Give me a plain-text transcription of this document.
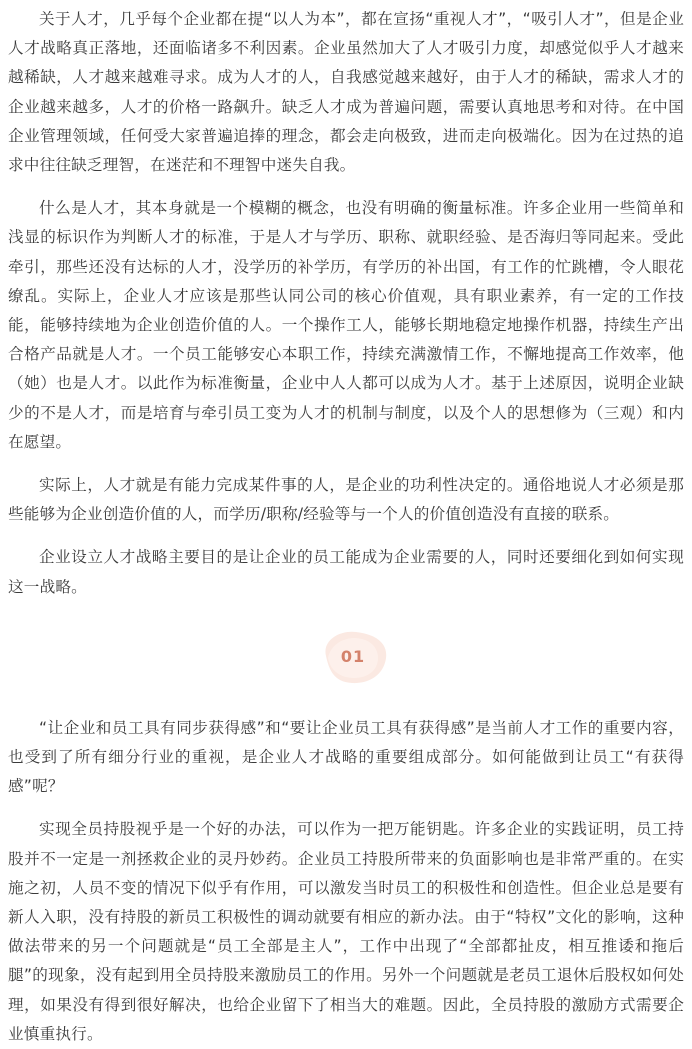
关于人才，几乎每个企业都在提“以人为本”，都在宣扬“重视人才”，“吸引人才”，但是企业人才战略真正落地，还面临诸多不利因素。企业虽然加大了人才吸引力度，却感觉似乎人才越来越稀缺，人才越来越难寻求。成为人才的人，自我感觉越来越好，由于人才的稀缺，需求人才的企业越来越多，人才的价格一路飙升。缺乏人才成为普遍问题，需要认真地思考和对待。在中国企业管理领域，任何受大家普遍追捧的理念，都会走向极致，进而走向极端化。因为在过热的追求中往往缺乏理智，在迷茫和不理智中迷失自我。

什么是人才，其本身就是一个模糊的概念，也没有明确的衡量标准。许多企业用一些简单和浅显的标识作为判断人才的标准，于是人才与学历、职称、就职经验、是否海归等同起来。受此牵引，那些还没有达标的人才，没学历的补学历，有学历的补出国，有工作的忙跳槽，令人眼花缭乱。实际上，企业人才应该是那些认同公司的核心价值观，具有职业素养，有一定的工作技能，能够持续地为企业创造价值的人。一个操作工人，能够长期地稳定地操作机器，持续生产出合格产品就是人才。一个员工能够安心本职工作，持续充满激情工作，不懈地提高工作效率，他（她）也是人才。以此作为标准衡量，企业中人人都可以成为人才。基于上述原因，说明企业缺少的不是人才，而是培育与牵引员工变为人才的机制与制度，以及个人的思想修为（三观）和内在愿望。

实际上，人才就是有能力完成某件事的人，是企业的功利性决定的。通俗地说人才必须是那些能够为企业创造价值的人，而学历/职称/经验等与一个人的价值创造没有直接的联系。

企业设立人才战略主要目的是让企业的员工能成为企业需要的人，同时还要细化到如何实现这一战略。

01

“让企业和员工具有同步获得感”和“要让企业员工具有获得感”是当前人才工作的重要内容，也受到了所有细分行业的重视，是企业人才战略的重要组成部分。如何能做到让员工“有获得感”呢？

实现全员持股视乎是一个好的办法，可以作为一把万能钥匙。许多企业的实践证明，员工持股并不一定是一剂拯救企业的灵丹妙药。企业员工持股所带来的负面影响也是非常严重的。在实施之初，人员不变的情况下似乎有作用，可以激发当时员工的积极性和创造性。但企业总是要有新人入职，没有持股的新员工积极性的调动就要有相应的新办法。由于“特权”文化的影响，这种做法带来的另一个问题就是“员工全部是主人”，工作中出现了“全部都扯皮，相互推诿和拖后腿”的现象，没有起到用全员持股来激励员工的作用。另外一个问题就是老员工退休后股权如何处理，如果没有得到很好解决，也给企业留下了相当大的难题。因此，全员持股的激励方式需要企业慎重执行。
